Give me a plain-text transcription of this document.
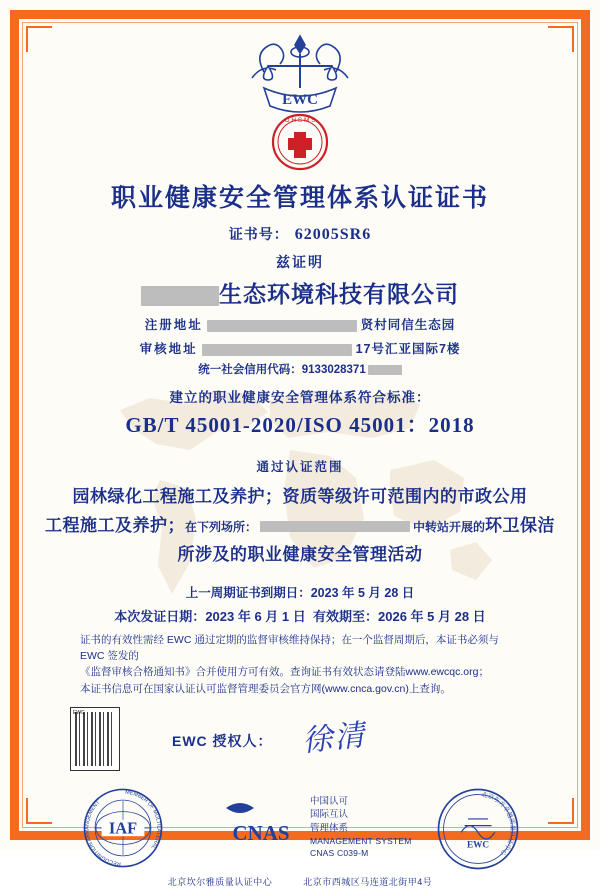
EWC
O H S M S
职业健康安全管理体系认证证书
证书号： 62005SR6
兹证明
生态环境科技有限公司
注册地址	贤村同信生态园
审核地址	17号汇亚国际7楼
统一社会信用代码：9133028371
建立的职业健康安全管理体系符合标准：
GB/T 45001-2020/ISO 45001：2018
通过认证范围
园林绿化工程施工及养护；资质等级许可范围内的市政公用
工程施工及养护；在下列场所：	中转站开展的环卫保洁
所涉及的职业健康安全管理活动
上一周期证书到期日：2023 年 5 月 28 日
本次发证日期：2023 年 6 月 1 日 有效期至：2026 年 5 月 28 日
证书的有效性需经 EWC 通过定期的监督审核维持保持；在一个监督周期后，本证书必须与 EWC 签发的
《监督审核合格通知书》合并使用方可有效。查询证书有效状态请登陆www.ewcqc.org；
本证书信息可在国家认证认可监督管理委员会官方网(www.cnca.gov.cn)上查询。
EWC
EWC 授权人： 徐清
IAF
MEMBER OF MULTILATERAL
RECOGNITION ARRANGEMENT
CNAS
中国认可
国际互认
管理体系
MANAGEMENT SYSTEM
CNAS C039-M
北京东方卓越质量认证中心
EWC
北京坎尔雅质量认证中心	北京市西城区马连道北街甲4号
